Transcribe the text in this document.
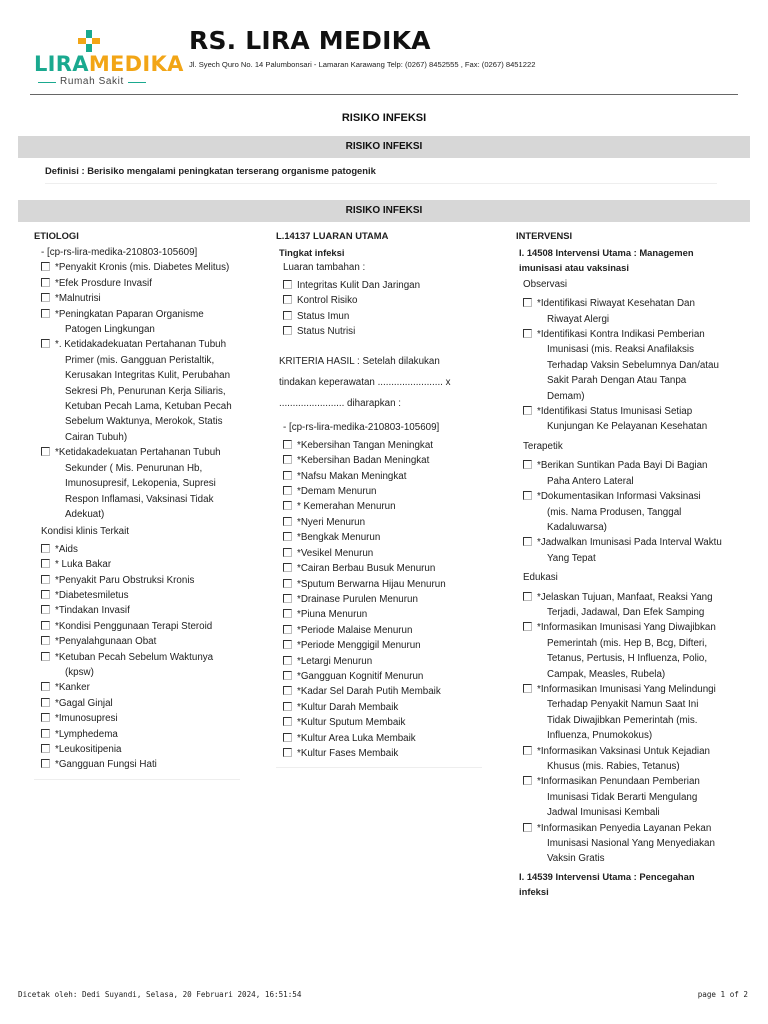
LIRAMEDIKA
Rumah Sakit
RS. LIRA MEDIKA
Jl. Syech Quro No. 14 Palumbonsari - Lamaran Karawang Telp: (0267) 8452555 , Fax: (0267) 8451222
RISIKO INFEKSI
RISIKO INFEKSI
Definisi : Berisiko mengalami peningkatan terserang organisme patogenik
RISIKO INFEKSI
ETIOLOGI
- [cp-rs-lira-medika-210803-105609]
*Penyakit Kronis (mis. Diabetes Melitus)
*Efek Prosdure Invasif
*Malnutrisi
*Peningkatan Paparan Organisme Patogen Lingkungan
*. Ketidakadekuatan Pertahanan Tubuh Primer (mis. Gangguan Peristaltik, Kerusakan Integritas Kulit, Perubahan Sekresi Ph, Penurunan Kerja Siliaris, Ketuban Pecah Lama, Ketuban Pecah Sebelum Waktunya, Merokok, Statis Cairan Tubuh)
*Ketidakadekuatan Pertahanan Tubuh Sekunder ( Mis. Penurunan Hb, Imunosupresif, Lekopenia, Supresi Respon Inflamasi, Vaksinasi Tidak Adekuat)
Kondisi klinis Terkait
*Aids
* Luka Bakar
*Penyakit Paru Obstruksi Kronis
*Diabetesmiletus
*Tindakan Invasif
*Kondisi Penggunaan Terapi Steroid
*Penyalahgunaan Obat
*Ketuban Pecah Sebelum Waktunya (kpsw)
*Kanker
*Gagal Ginjal
*Imunosupresi
*Lymphedema
*Leukositipenia
*Gangguan Fungsi Hati
L.14137 LUARAN UTAMA
Tingkat infeksi
Luaran tambahan :
Integritas Kulit Dan Jaringan
Kontrol Risiko
Status Imun
Status Nutrisi
KRITERIA HASIL : Setelah dilakukan
tindakan keperawatan ........................ x
........................ diharapkan :
- [cp-rs-lira-medika-210803-105609]
*Kebersihan Tangan Meningkat
*Kebersihan Badan Meningkat
*Nafsu Makan Meningkat
*Demam Menurun
* Kemerahan Menurun
*Nyeri Menurun
*Bengkak Menurun
*Vesikel Menurun
*Cairan Berbau Busuk Menurun
*Sputum Berwarna Hijau Menurun
*Drainase Purulen Menurun
*Piuna Menurun
*Periode Malaise Menurun
*Periode Menggigil Menurun
*Letargi Menurun
*Gangguan Kognitif Menurun
*Kadar Sel Darah Putih Membaik
*Kultur Darah Membaik
*Kultur Sputum Membaik
*Kultur Area Luka Membaik
*Kultur Fases Membaik
INTERVENSI
I. 14508 Intervensi Utama : Managemen imunisasi atau vaksinasi
Observasi
*Identifikasi Riwayat Kesehatan Dan Riwayat Alergi
*Identifikasi Kontra Indikasi Pemberian Imunisasi (mis. Reaksi Anafilaksis Terhadap Vaksin Sebelumnya Dan/atau Sakit Parah Dengan Atau Tanpa Demam)
*Identifikasi Status Imunisasi Setiap Kunjungan Ke Pelayanan Kesehatan
Terapetik
*Berikan Suntikan Pada Bayi Di Bagian Paha Antero Lateral
*Dokumentasikan Informasi Vaksinasi (mis. Nama Produsen, Tanggal Kadaluwarsa)
*Jadwalkan Imunisasi Pada Interval Waktu Yang Tepat
Edukasi
*Jelaskan Tujuan, Manfaat, Reaksi Yang Terjadi, Jadawal, Dan Efek Samping
*Informasikan Imunisasi Yang Diwajibkan Pemerintah (mis. Hep B, Bcg, Difteri, Tetanus, Pertusis, H Influenza, Polio, Campak, Measles, Rubela)
*Informasikan Imunisasi Yang Melindungi Terhadap Penyakit Namun Saat Ini Tidak Diwajibkan Pemerintah (mis. Influenza, Pnumokokus)
*Informasikan Vaksinasi Untuk Kejadian Khusus (mis. Rabies, Tetanus)
*Informasikan Penundaan Pemberian Imunisasi Tidak Berarti Mengulang Jadwal Imunisasi Kembali
*Informasikan Penyedia Layanan Pekan Imunisasi Nasional Yang Menyediakan Vaksin Gratis
I. 14539 Intervensi Utama : Pencegahan infeksi
Dicetak oleh: Dedi Suyandi, Selasa, 20 Februari 2024, 16:51:54	page 1 of 2
